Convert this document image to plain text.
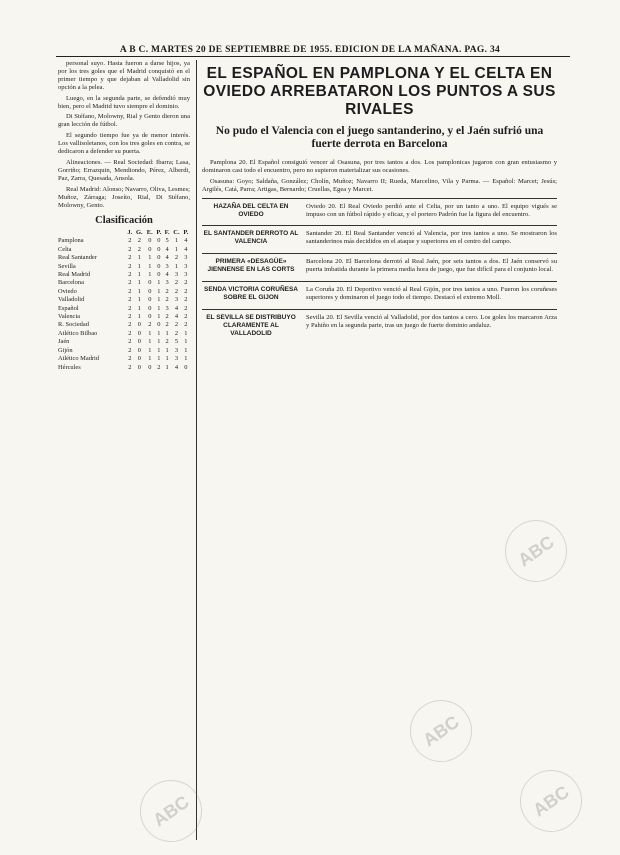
A B C. MARTES 20 DE SEPTIEMBRE DE 1955. EDICION DE LA MAÑANA. PAG. 34

personal suyo. Hasta fueron a darse hijos, ya por los tres goles que el Madrid conquistó en el primer tiempo y que dejaban al Valladolid sin opción a la pelea.

Luego, en la segunda parte, se defendió muy bien, pero el Madrid tuvo siempre el dominio.

Di Stéfano, Molowny, Rial y Gento dieron una gran lección de fútbol.

El segundo tiempo fue ya de menor interés. Los vallisoletanos, con los tres goles en contra, se dedicaron a defender su puerta.

Alineaciones. — Real Sociedad: Ibarra; Lasa, Gorriño; Errazquin, Mendiondo, Pérez, Alberdi, Paz, Zarra, Quesada, Ansola.

Real Madrid: Alonso; Navarro, Oliva, Lesmes; Muñoz, Zárraga; Joseíto, Rial, Di Stéfano, Molowny, Gento.

Clasificación
	J.	G.	E.	P.	F.	C.	P.
Pamplona	2	2	0	0	5	1	4
Celta	2	2	0	0	4	1	4
Real Santander	2	1	1	0	4	2	3
Sevilla	2	1	1	0	3	1	3
Real Madrid	2	1	1	0	4	3	3
Barcelona	2	1	0	1	3	2	2
Oviedo	2	1	0	1	2	2	2
Valladolid	2	1	0	1	2	3	2
Español	2	1	0	1	3	4	2
Valencia	2	1	0	1	2	4	2
R. Sociedad	2	0	2	0	2	2	2
Atlético Bilbao	2	0	1	1	1	2	1
Jaén	2	0	1	1	2	5	1
Gijón	2	0	1	1	1	3	1
Atlético Madrid	2	0	1	1	1	3	1
Hércules	2	0	0	2	1	4	0
EL ESPAÑOL EN PAMPLONA Y EL CELTA EN OVIEDO ARREBATARON LOS PUNTOS A SUS RIVALES
No pudo el Valencia con el juego santanderino, y el Jaén sufrió una fuerte derrota en Barcelona

Pamplona 20. El Español consiguió vencer al Osasuna, por tres tantos a dos. Los pamplonicas jugaron con gran entusiasmo y dominaron casi todo el encuentro, pero no supieron materializar sus ocasiones.

Osasuna: Goyo; Saldaña, González; Cholín, Muñoz; Navarro II; Rueda, Marcelino, Vila y Parma. — Español: Marcet; Jesús; Argilés, Catá, Parra; Artigas, Bernardo; Cruellas, Egea y Marcet.

HAZAÑA DEL CELTA EN OVIEDO

Oviedo 20. El Real Oviedo perdió ante el Celta, por un tanto a uno. El equipo vigués se impuso con un fútbol rápido y eficaz, y el portero Padrón fue la figura del encuentro.

EL SANTANDER DERROTO AL VALENCIA

Santander 20. El Real Santander venció al Valencia, por tres tantos a uno. Se mostraron los santanderinos más decididos en el ataque y superiores en el centro del campo.

PRIMERA «DESAGÜE» JIENNENSE EN LAS CORTS

Barcelona 20. El Barcelona derrotó al Real Jaén, por seis tantos a dos. El Jaén conservó su puerta imbatida durante la primera media hora de juego, que fue difícil para el conjunto local.

SENDA VICTORIA CORUÑESA SOBRE EL GIJON

La Coruña 20. El Deportivo venció al Real Gijón, por tres tantos a uno. Fueron los coruñeses superiores y dominaron el juego todo el tiempo. Destacó el extremo Moll.

EL SEVILLA SE DISTRIBUYO CLARAMENTE AL VALLADOLID

Sevilla 20. El Sevilla venció al Valladolid, por dos tantos a cero. Los goles los marcaron Arza y Pahiño en la segunda parte, tras un juego de fuerte dominio andaluz.

ABC
ABC
ABC
ABC
